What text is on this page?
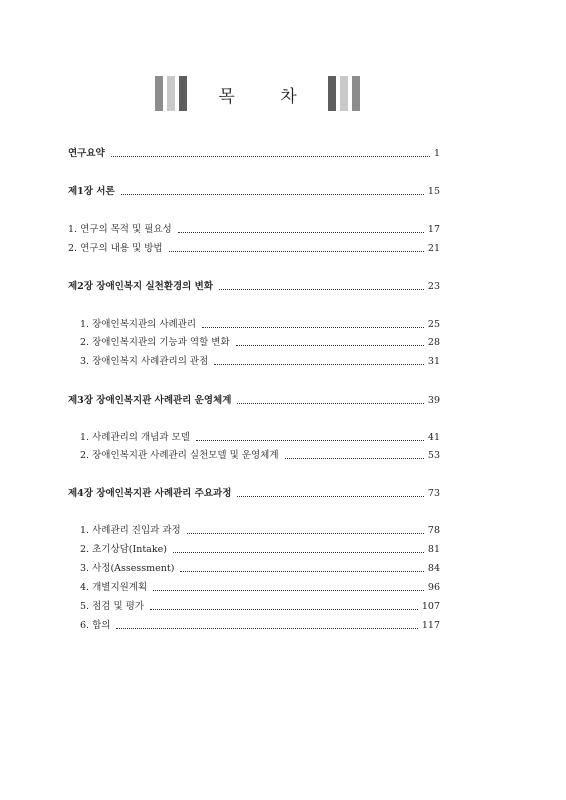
목 차
연구요약	1
제1장 서론	15
1. 연구의 목적 및 필요성	17
2. 연구의 내용 및 방법	21
제2장 장애인복지 실천환경의 변화	23
1. 장애인복지관의 사례관리	25
2. 장애인복지관의 기능과 역할 변화	28
3. 장애인복지 사례관리의 관점	31
제3장 장애인복지관 사례관리 운영체계	39
1. 사례관리의 개념과 모델	41
2. 장애인복지관 사례관리 실천모델 및 운영체계	53
제4장 장애인복지관 사례관리 주요과정	73
1. 사례관리 진입과 과정	78
2. 초기상담(Intake)	81
3. 사정(Assessment)	84
4. 개별지원계획	96
5. 점검 및 평가	107
6. 합의	117
